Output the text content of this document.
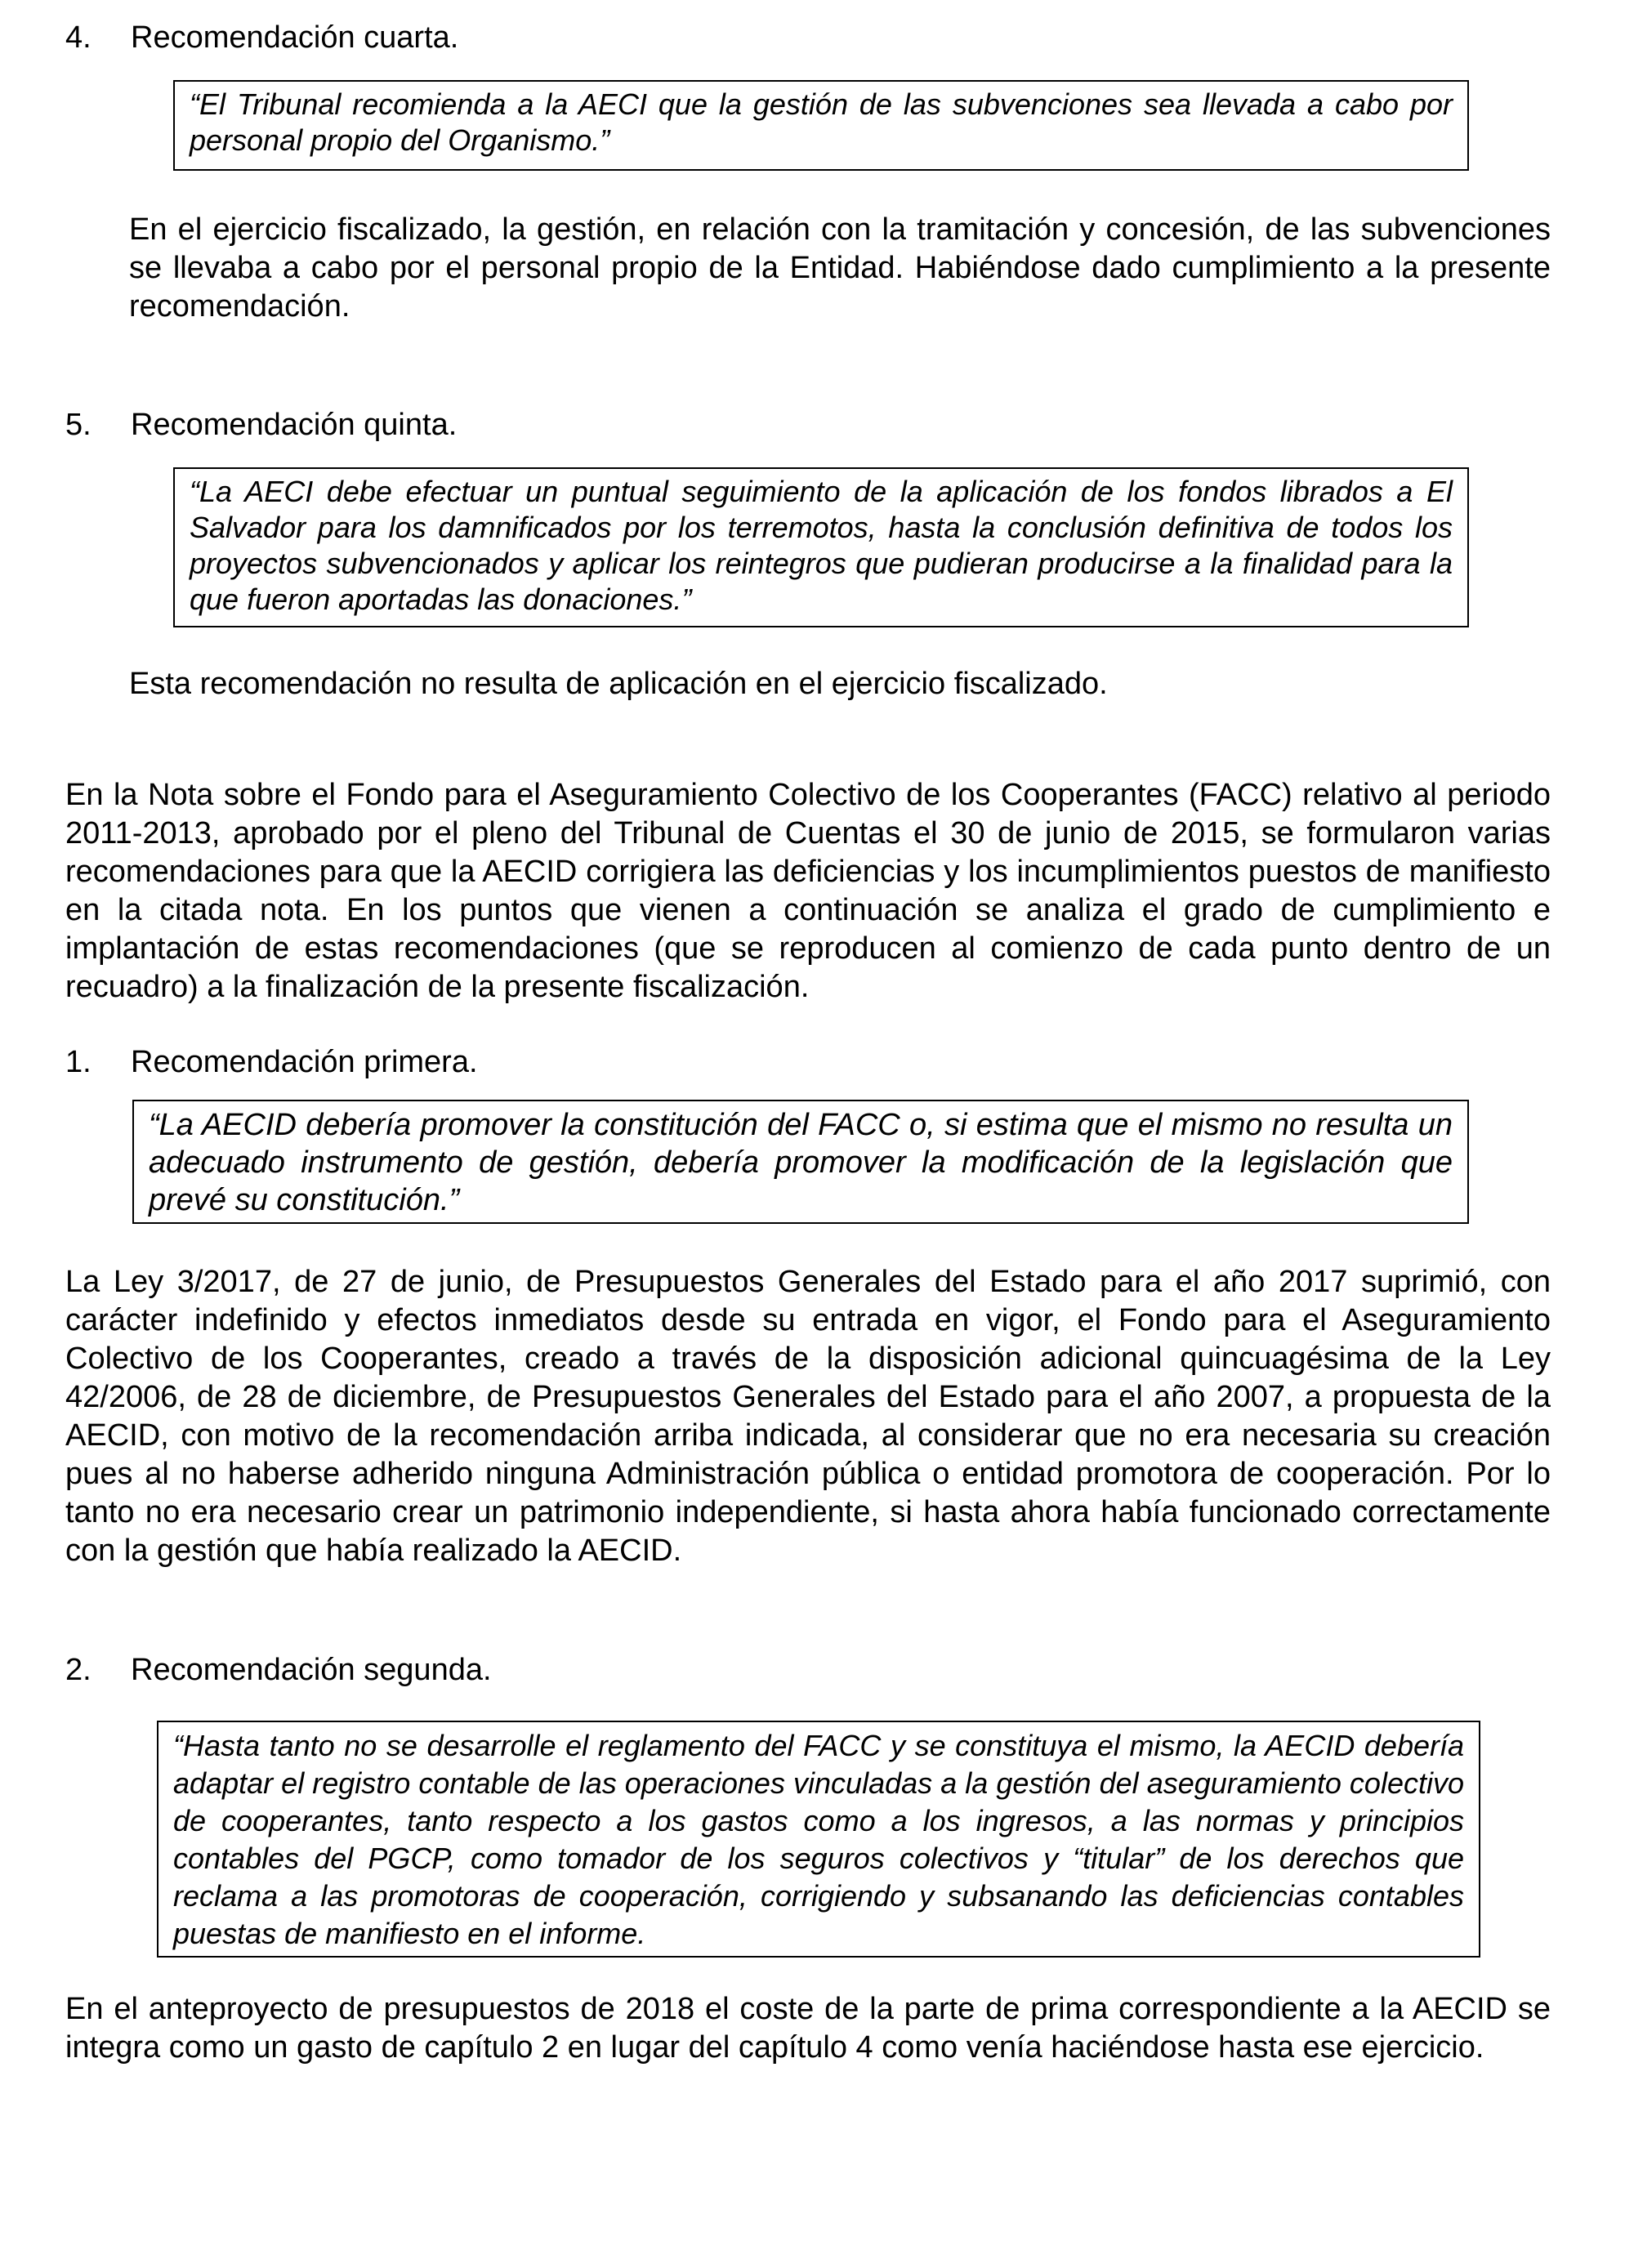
4. Recomendación cuarta.
“El Tribunal recomienda a la AECI que la gestión de las subvenciones sea llevada a cabo por personal propio del Organismo.”

En el ejercicio fiscalizado, la gestión, en relación con la tramitación y concesión, de las subvenciones se llevaba a cabo por el personal propio de la Entidad. Habiéndose dado cumplimiento a la presente recomendación.

5. Recomendación quinta.
“La AECI debe efectuar un puntual seguimiento de la aplicación de los fondos librados a El Salvador para los damnificados por los terremotos, hasta la conclusión definitiva de todos los proyectos subvencionados y aplicar los reintegros que pudieran producirse a la finalidad para la que fueron aportadas las donaciones.”

Esta recomendación no resulta de aplicación en el ejercicio fiscalizado.

En la Nota sobre el Fondo para el Aseguramiento Colectivo de los Cooperantes (FACC) relativo al periodo 2011-2013, aprobado por el pleno del Tribunal de Cuentas el 30 de junio de 2015, se formularon varias recomendaciones para que la AECID corrigiera las deficiencias y los incumplimientos puestos de manifiesto en la citada nota. En los puntos que vienen a continuación se analiza el grado de cumplimiento e implantación de estas recomendaciones (que se reproducen al comienzo de cada punto dentro de un recuadro) a la finalización de la presente fiscalización.

1. Recomendación primera.
“La AECID debería promover la constitución del FACC o, si estima que el mismo no resulta un adecuado instrumento de gestión, debería promover la modificación de la legislación que prevé su constitución.”

La Ley 3/2017, de 27 de junio, de Presupuestos Generales del Estado para el año 2017 suprimió, con carácter indefinido y efectos inmediatos desde su entrada en vigor, el Fondo para el Aseguramiento Colectivo de los Cooperantes, creado a través de la disposición adicional quincuagésima de la Ley 42/2006, de 28 de diciembre, de Presupuestos Generales del Estado para el año 2007, a propuesta de la AECID, con motivo de la recomendación arriba indicada, al considerar que no era necesaria su creación pues al no haberse adherido ninguna Administración pública o entidad promotora de cooperación. Por lo tanto no era necesario crear un patrimonio independiente, si hasta ahora había funcionado correctamente con la gestión que había realizado la AECID.

2. Recomendación segunda.
“Hasta tanto no se desarrolle el reglamento del FACC y se constituya el mismo, la AECID debería adaptar el registro contable de las operaciones vinculadas a la gestión del aseguramiento colectivo de cooperantes, tanto respecto a los gastos como a los ingresos, a las normas y principios contables del PGCP, como tomador de los seguros colectivos y “titular” de los derechos que reclama a las promotoras de cooperación, corrigiendo y subsanando las deficiencias contables puestas de manifiesto en el informe.

En el anteproyecto de presupuestos de 2018 el coste de la parte de prima correspondiente a la AECID se integra como un gasto de capítulo 2 en lugar del capítulo 4 como venía haciéndose hasta ese ejercicio.
